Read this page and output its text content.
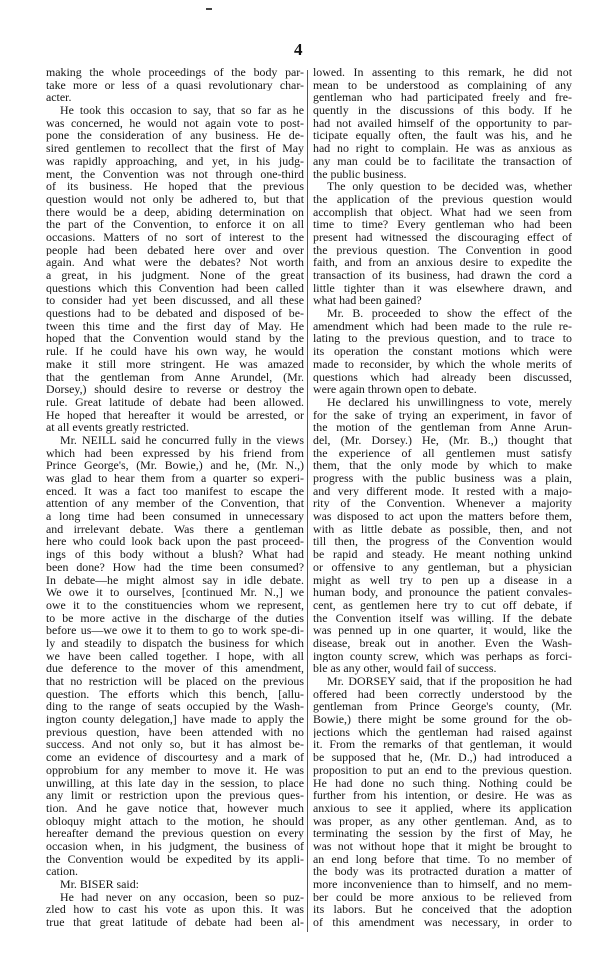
4
making the whole proceedings of the body par-
take more or less of a quasi revolutionary char-
acter.
He took this occasion to say, that so far as he
was concerned, he would not again vote to post-
pone the consideration of any business. He de-
sired gentlemen to recollect that the first of May
was rapidly approaching, and yet, in his judg-
ment, the Convention was not through one-third
of its business. He hoped that the previous
question would not only be adhered to, but that
there would be a deep, abiding determination on
the part of the Convention, to enforce it on all
occasions. Matters of no sort of interest to the
people had been debated here over and over
again. And what were the debates? Not worth
a great, in his judgment. None of the great
questions which this Convention had been called
to consider had yet been discussed, and all these
questions had to be debated and disposed of be-
tween this time and the first day of May. He
hoped that the Convention would stand by the
rule. If he could have his own way, he would
make it still more stringent. He was amazed
that the gentleman from Anne Arundel, (Mr.
Dorsey,) should desire to reverse or destroy the
rule. Great latitude of debate had been allowed.
He hoped that hereafter it would be arrested, or
at all events greatly restricted.
Mr. NEILL said he concurred fully in the views
which had been expressed by his friend from
Prince George's, (Mr. Bowie,) and he, (Mr. N.,)
was glad to hear them from a quarter so experi-
enced. It was a fact too manifest to escape the
attention of any member of the Convention, that
a long time had been consumed in unnecessary
and irrelevant debate. Was there a gentleman
here who could look back upon the past proceed-
ings of this body without a blush? What had
been done? How had the time been consumed?
In debate—he might almost say in idle debate.
We owe it to ourselves, [continued Mr. N.,] we
owe it to the constituencies whom we represent,
to be more active in the discharge of the duties
before us—we owe it to them to go to work spe-di-
ly and steadily to dispatch the business for which
we have been called together. I hope, with all
due deference to the mover of this amendment,
that no restriction will be placed on the previous
question. The efforts which this bench, [allu-
ding to the range of seats occupied by the Wash-
ington county delegation,] have made to apply the
previous question, have been attended with no
success. And not only so, but it has almost be-
come an evidence of discourtesy and a mark of
opprobium for any member to move it. He was
unwilling, at this late day in the session, to place
any limit or restriction upon the previous ques-
tion. And he gave notice that, however much
obloquy might attach to the motion, he should
hereafter demand the previous question on every
occasion when, in his judgment, the business of
the Convention would be expedited by its appli-
cation.
Mr. BISER said:
He had never on any occasion, been so puz-
zled how to cast his vote as upon this. It was
true that great latitude of debate had been al-
lowed. In assenting to this remark, he did not
mean to be understood as complaining of any
gentleman who had participated freely and fre-
quently in the discussions of this body. If he
had not availed himself of the opportunity to par-
ticipate equally often, the fault was his, and he
had no right to complain. He was as anxious as
any man could be to facilitate the transaction of
the public business.
The only question to be decided was, whether
the application of the previous question would
accomplish that object. What had we seen from
time to time? Every gentleman who had been
present had witnessed the discouraging effect of
the previous question. The Convention in good
faith, and from an anxious desire to expedite the
transaction of its business, had drawn the cord a
little tighter than it was elsewhere drawn, and
what had been gained?
Mr. B. proceeded to show the effect of the
amendment which had been made to the rule re-
lating to the previous question, and to trace to
its operation the constant motions which were
made to reconsider, by which the whole merits of
questions which had already been discussed,
were again thrown open to debate.
He declared his unwillingness to vote, merely
for the sake of trying an experiment, in favor of
the motion of the gentleman from Anne Arun-
del, (Mr. Dorsey.) He, (Mr. B.,) thought that
the experience of all gentlemen must satisfy
them, that the only mode by which to make
progress with the public business was a plain,
and very different mode. It rested with a majo-
rity of the Convention. Whenever a majority
was disposed to act upon the matters before them,
with as little debate as possible, then, and not
till then, the progress of the Convention would
be rapid and steady. He meant nothing unkind
or offensive to any gentleman, but a physician
might as well try to pen up a disease in a
human body, and pronounce the patient convales-
cent, as gentlemen here try to cut off debate, if
the Convention itself was willing. If the debate
was penned up in one quarter, it would, like the
disease, break out in another. Even the Wash-
ington county screw, which was perhaps as forci-
ble as any other, would fail of success.
Mr. DORSEY said, that if the proposition he had
offered had been correctly understood by the
gentleman from Prince George's county, (Mr.
Bowie,) there might be some ground for the ob-
jections which the gentleman had raised against
it. From the remarks of that gentleman, it would
be supposed that he, (Mr. D.,) had introduced a
proposition to put an end to the previous question.
He had done no such thing. Nothing could be
further from his intention, or desire. He was as
anxious to see it applied, where its application
was proper, as any other gentleman. And, as to
terminating the session by the first of May, he
was not without hope that it might be brought to
an end long before that time. To no member of
the body was its protracted duration a matter of
more inconvenience than to himself, and no mem-
ber could be more anxious to be relieved from
its labors. But he conceived that the adoption
of this amendment was necessary, in order to
